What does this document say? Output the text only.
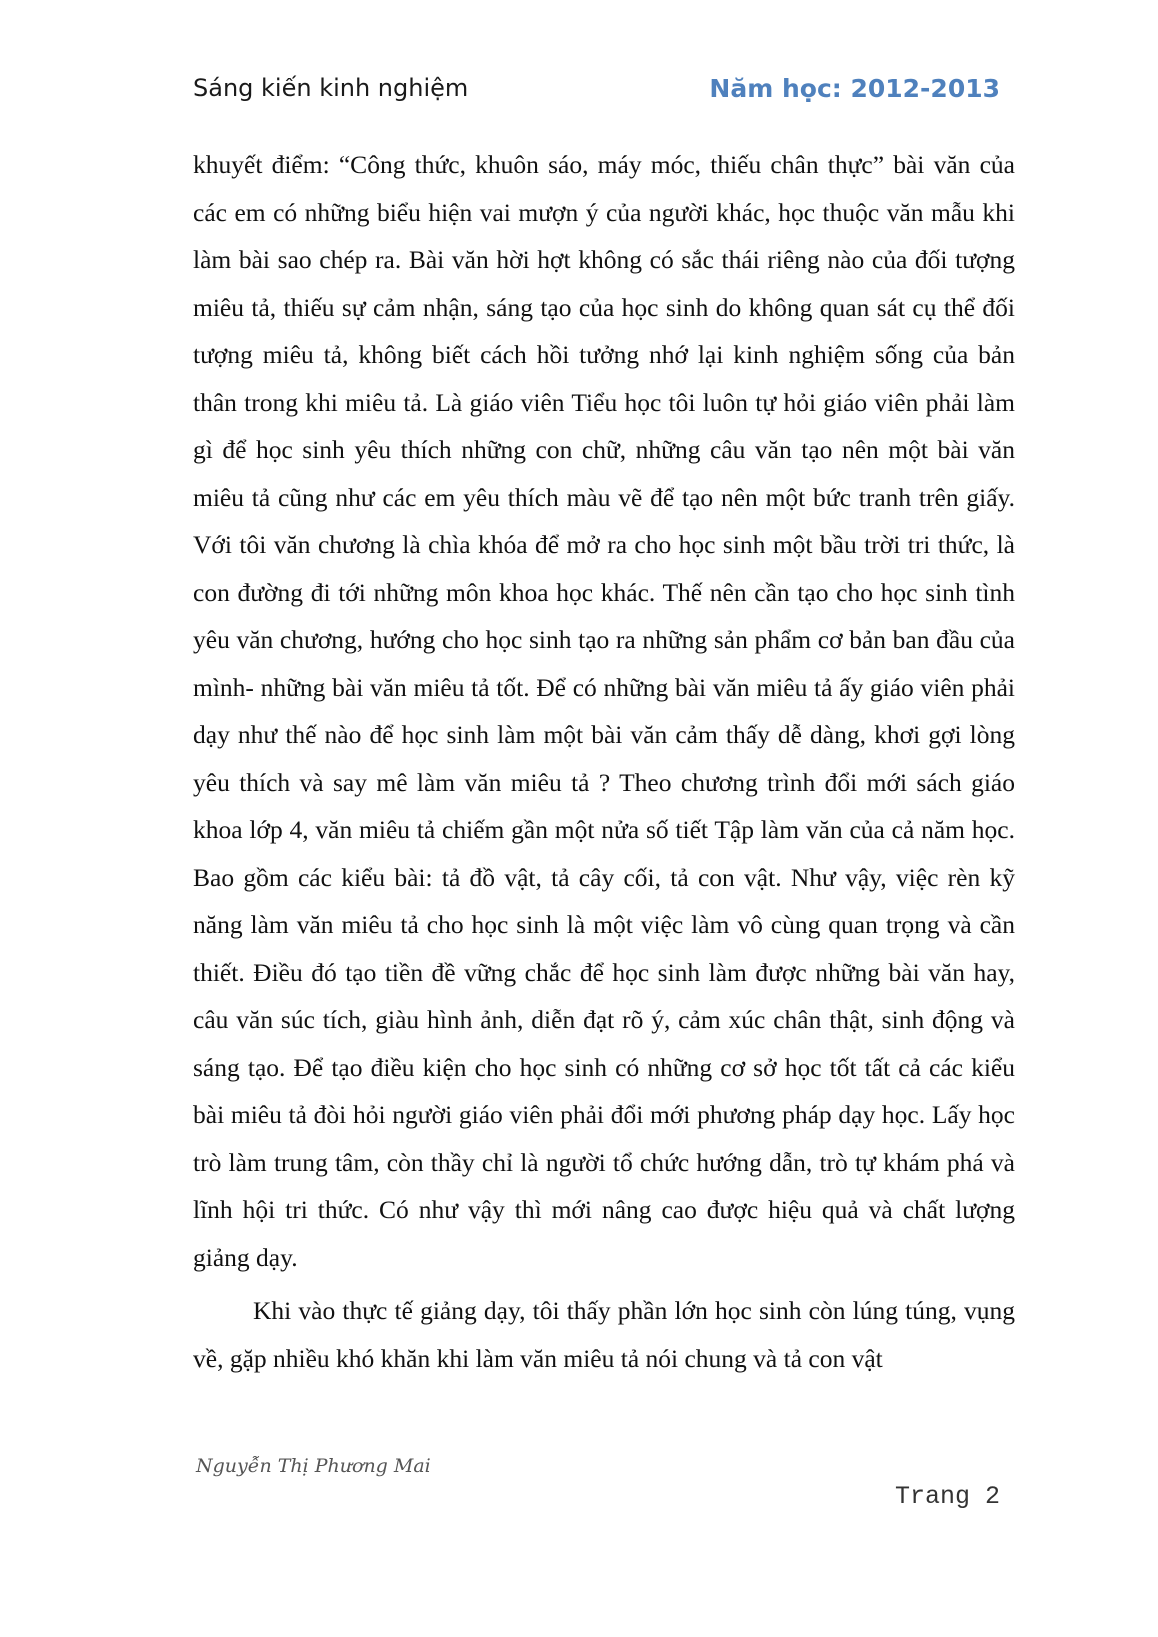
Sáng kiến kinh nghiệm	Năm học: 2012-2013

khuyết điểm: “Công thức, khuôn sáo, máy móc, thiếu chân thực” bài văn của các em có những biểu hiện vai mượn ý của người khác, học thuộc văn mẫu khi làm bài sao chép ra. Bài văn hời hợt không có sắc thái riêng nào của đối tượng miêu tả, thiếu sự cảm nhận, sáng tạo của học sinh do không quan sát cụ thể đối tượng miêu tả, không biết cách hồi tưởng nhớ lại kinh nghiệm sống của bản thân trong khi miêu tả. Là giáo viên Tiểu học tôi luôn tự hỏi giáo viên phải làm gì để học sinh yêu thích những con chữ, những câu văn tạo nên một bài văn miêu tả cũng như các em yêu thích màu vẽ để tạo nên một bức tranh trên giấy. Với tôi văn chương là chìa khóa để mở ra cho học sinh một bầu trời tri thức, là con đường đi tới những môn khoa học khác. Thế nên cần tạo cho học sinh tình yêu văn chương, hướng cho học sinh tạo ra những sản phẩm cơ bản ban đầu của mình- những bài văn miêu tả tốt. Để có những bài văn miêu tả ấy giáo viên phải dạy như thế nào để học sinh làm một bài văn cảm thấy dễ dàng, khơi gợi lòng yêu thích và say mê làm văn miêu tả ? Theo chương trình đổi mới sách giáo khoa lớp 4, văn miêu tả chiếm gần một nửa số tiết Tập làm văn của cả năm học. Bao gồm các kiểu bài: tả đồ vật, tả cây cối, tả con vật. Như vậy, việc rèn kỹ năng làm văn miêu tả cho học sinh là một việc làm vô cùng quan trọng và cần thiết. Điều đó tạo tiền đề vững chắc để học sinh làm được những bài văn hay, câu văn súc tích, giàu hình ảnh, diễn đạt rõ ý, cảm xúc chân thật, sinh động và sáng tạo. Để tạo điều kiện cho học sinh có những cơ sở học tốt tất cả các kiểu bài miêu tả đòi hỏi người giáo viên phải đổi mới phương pháp dạy học. Lấy học trò làm trung tâm, còn thầy chỉ là người tổ chức hướng dẫn, trò tự khám phá và lĩnh hội tri thức. Có như vậy thì mới nâng cao được hiệu quả và chất lượng giảng dạy.

Khi vào thực tế giảng dạy, tôi thấy phần lớn học sinh còn lúng túng, vụng về, gặp nhiều khó khăn khi làm văn miêu tả nói chung và tả con vật

Nguyễn Thị Phương Mai
Trang 2
